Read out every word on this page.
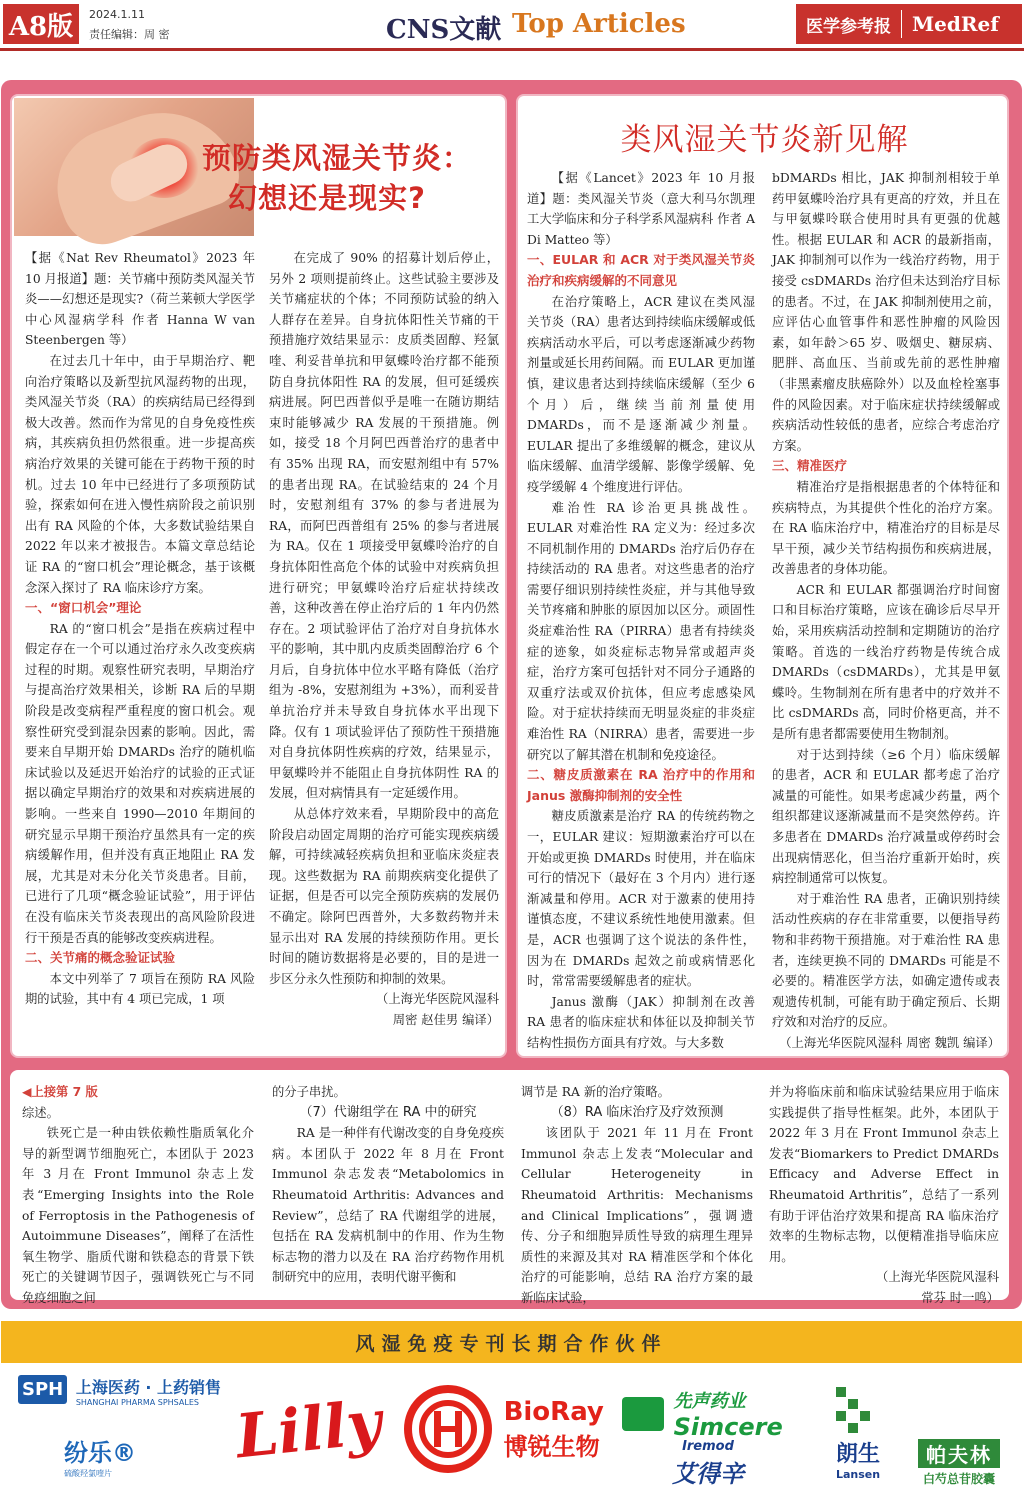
A8版	2024.1.11
责任编辑：周 密	CNS文献 Top Articles	医学参考报 MedRef
预防类风湿关节炎：
幻想还是现实?

【据《Nat Rev Rheumatol》2023 年 10 月报道】题：关节痛中预防类风湿关节炎——幻想还是现实?（荷兰莱顿大学医学中心风湿病学科 作者 Hanna W van Steenbergen 等）

在过去几十年中，由于早期治疗、靶向治疗策略以及新型抗风湿药物的出现，类风湿关节炎（RA）的疾病结局已经得到极大改善。然而作为常见的自身免疫性疾病，其疾病负担仍然很重。进一步提高疾病治疗效果的关键可能在于药物干预的时机。过去 10 年中已经进行了多项预防试验，探索如何在进入慢性病阶段之前识别出有 RA 风险的个体，大多数试验结果自 2022 年以来才被报告。本篇文章总结论证 RA 的“窗口机会”理论概念，基于该概念深入探讨了 RA 临床诊疗方案。

一、“窗口机会”理论

RA 的“窗口机会”是指在疾病过程中假定存在一个可以通过治疗永久改变疾病过程的时期。观察性研究表明，早期治疗与提高治疗效果相关，诊断 RA 后的早期阶段是改变病程严重程度的窗口机会。观察性研究受到混杂因素的影响。因此，需要来自早期开始 DMARDs 治疗的随机临床试验以及延迟开始治疗的试验的正式证据以确定早期治疗的效果和对疾病进展的影响。一些来自 1990—2010 年期间的研究显示早期干预治疗虽然具有一定的疾病缓解作用，但并没有真正地阻止 RA 发展，尤其是对未分化关节炎患者。目前，已进行了几项“概念验证试验”，用于评估在没有临床关节炎表现出的高风险阶段进行干预是否真的能够改变疾病进程。

二、关节痛的概念验证试验

本文中列举了 7 项旨在预防 RA 风险期的试验，其中有 4 项已完成，1 项

在完成了 90% 的招募计划后停止，另外 2 项则提前终止。这些试验主要涉及关节痛症状的个体；不同预防试验的纳入人群存在差异。自身抗体阳性关节痛的干预措施疗效结果显示：皮质类固醇、羟氯喹、利妥昔单抗和甲氨蝶呤治疗都不能预防自身抗体阳性 RA 的发展，但可延缓疾病进展。阿巴西普似乎是唯一在随访期结束时能够减少 RA 发展的干预措施。例如，接受 18 个月阿巴西普治疗的患者中有 35% 出现 RA，而安慰剂组中有 57% 的患者出现 RA。在试验结束的 24 个月时，安慰剂组有 37% 的参与者进展为 RA，而阿巴西普组有 25% 的参与者进展为 RA。仅在 1 项接受甲氨蝶呤治疗的自身抗体阳性高危个体的试验中对疾病负担进行研究；甲氨蝶呤治疗后症状持续改善，这种改善在停止治疗后的 1 年内仍然存在。2 项试验评估了治疗对自身抗体水平的影响，其中肌内皮质类固醇治疗 6 个月后，自身抗体中位水平略有降低（治疗组为 -8%，安慰剂组为 +3%），而利妥昔单抗治疗并未导致自身抗体水平出现下降。仅有 1 项试验评估了预防性干预措施对自身抗体阴性疾病的疗效，结果显示，甲氨蝶呤并不能阻止自身抗体阴性 RA 的发展，但对病情具有一定延缓作用。

从总体疗效来看，早期阶段中的高危阶段启动固定周期的治疗可能实现疾病缓解，可持续减轻疾病负担和亚临床炎症表现。这些数据为 RA 前期疾病变化提供了证据，但是否可以完全预防疾病的发展仍不确定。除阿巴西普外，大多数药物并未显示出对 RA 发展的持续预防作用。更长时间的随访数据将是必要的，目的是进一步区分永久性预防和抑制的效果。

（上海光华医院风湿科

周密 赵佳男 编译）

类风湿关节炎新见解

【据《Lancet》2023 年 10 月报道】题：类风湿关节炎（意大利马尔凯理工大学临床和分子科学系风湿病科 作者 A Di Matteo 等）

一、EULAR 和 ACR 对于类风湿关节炎治疗和疾病缓解的不同意见

在治疗策略上，ACR 建议在类风湿关节炎（RA）患者达到持续临床缓解或低疾病活动水平后，可以考虑逐渐减少药物剂量或延长用药间隔。而 EULAR 更加谨慎，建议患者达到持续临床缓解（至少 6 个月）后，继续当前剂量使用 DMARDs，而不是逐渐减少剂量。EULAR 提出了多维缓解的概念，建议从临床缓解、血清学缓解、影像学缓解、免疫学缓解 4 个维度进行评估。

难治性 RA 诊治更具挑战性。EULAR 对难治性 RA 定义为：经过多次不同机制作用的 DMARDs 治疗后仍存在持续活动的 RA 患者。对这些患者的治疗需要仔细识别持续性炎症，并与其他导致关节疼痛和肿胀的原因加以区分。顽固性炎症难治性 RA（PIRRA）患者有持续炎症的迹象，如炎症标志物异常或超声炎症，治疗方案可包括针对不同分子通路的双重疗法或双价抗体，但应考虑感染风险。对于症状持续而无明显炎症的非炎症难治性 RA（NIRRA）患者，需要进一步研究以了解其潜在机制和免疫途径。

二、糖皮质激素在 RA 治疗中的作用和 Janus 激酶抑制剂的安全性

糖皮质激素是治疗 RA 的传统药物之一，EULAR 建议：短期激素治疗可以在开始或更换 DMARDs 时使用，并在临床可行的情况下（最好在 3 个月内）进行逐渐减量和停用。ACR 对于激素的使用持谨慎态度，不建议系统性地使用激素。但是，ACR 也强调了这个说法的条件性，因为在 DMARDs 起效之前或病情恶化时，常常需要缓解患者的症状。

Janus 激酶（JAK）抑制剂在改善 RA 患者的临床症状和体征以及抑制关节结构性损伤方面具有疗效。与大多数

bDMARDs 相比，JAK 抑制剂相较于单药甲氨蝶呤治疗具有更高的疗效，并且在与甲氨蝶呤联合使用时具有更强的优越性。根据 EULAR 和 ACR 的最新指南，JAK 抑制剂可以作为一线治疗药物，用于接受 csDMARDs 治疗但未达到治疗目标的患者。不过，在 JAK 抑制剂使用之前，应评估心血管事件和恶性肿瘤的风险因素，如年龄＞65 岁、吸烟史、糖尿病、肥胖、高血压、当前或先前的恶性肿瘤（非黑素瘤皮肤癌除外）以及血栓栓塞事件的风险因素。对于临床症状持续缓解或疾病活动性较低的患者，应综合考虑治疗方案。

三、精准医疗

精准治疗是指根据患者的个体特征和疾病特点，为其提供个性化的治疗方案。在 RA 临床治疗中，精准治疗的目标是尽早干预，减少关节结构损伤和疾病进展，改善患者的身体功能。

ACR 和 EULAR 都强调治疗时间窗口和目标治疗策略，应该在确诊后尽早开始，采用疾病活动控制和定期随访的治疗策略。首选的一线治疗药物是传统合成 DMARDs（csDMARDs），尤其是甲氨蝶呤。生物制剂在所有患者中的疗效并不比 csDMARDs 高，同时价格更高，并不是所有患者都需要使用生物制剂。

对于达到持续（≥6 个月）临床缓解的患者，ACR 和 EULAR 都考虑了治疗减量的可能性。如果考虑减少药量，两个组织都建议逐渐减量而不是突然停药。许多患者在 DMARDs 治疗减量或停药时会出现病情恶化，但当治疗重新开始时，疾病控制通常可以恢复。

对于难治性 RA 患者，正确识别持续活动性疾病的存在非常重要，以便指导药物和非药物干预措施。对于难治性 RA 患者，连续更换不同的 DMARDs 可能是不必要的。精准医学方法，如确定遗传或表观遗传机制，可能有助于确定预后、长期疗效和对治疗的反应。

（上海光华医院风湿科 周密 魏凯 编译）

◀上接第 7 版

综述。

铁死亡是一种由铁依赖性脂质氧化介导的新型调节细胞死亡，本团队于 2023 年 3 月在 Front Immunol 杂志上发表“Emerging Insights into the Role of Ferroptosis in the Pathogenesis of Autoimmune Diseases”，阐释了在活性氧生物学、脂质代谢和铁稳态的背景下铁死亡的关键调节因子，强调铁死亡与不同免疫细胞之间

的分子串扰。

（7）代谢组学在 RA 中的研究

RA 是一种伴有代谢改变的自身免疫疾病。本团队于 2022 年 8 月在 Front Immunol 杂志发表“Metabolomics in Rheumatoid Arthritis: Advances and Review”，总结了 RA 代谢组学的进展，包括在 RA 发病机制中的作用、作为生物标志物的潜力以及在 RA 治疗药物作用机制研究中的应用，表明代谢平衡和

调节是 RA 新的治疗策略。

（8）RA 临床治疗及疗效预测

该团队于 2021 年 11 月在 Front Immunol 杂志上发表“Molecular and Cellular Heterogeneity in Rheumatoid Arthritis: Mechanisms and Clinical Implications”，强调遗传、分子和细胞异质性导致的病理生理异质性的来源及其对 RA 精准医学和个体化治疗的可能影响，总结 RA 治疗方案的最新临床试验，

并为将临床前和临床试验结果应用于临床实践提供了指导性框架。此外，本团队于 2022 年 3 月在 Front Immunol 杂志上发表“Biomarkers to Predict DMARDs Efficacy and Adverse Effect in Rheumatoid Arthritis”，总结了一系列有助于评估治疗效果和提高 RA 临床治疗效率的生物标志物，以便精准指导临床应用。

（上海光华医院风湿科

常芬 时一鸣）

风湿免疫专刊长期合作伙伴
SPH 上海医药 · 上药销售
SHANGHAI PHARMA SPHSALES
纷乐®
硫酸羟氯喹片
Lilly
	BioRay
博锐生物

先声药业
Simcere
Iremod
艾得辛
朗生
Lansen
帕夫林
白芍总苷胶囊
